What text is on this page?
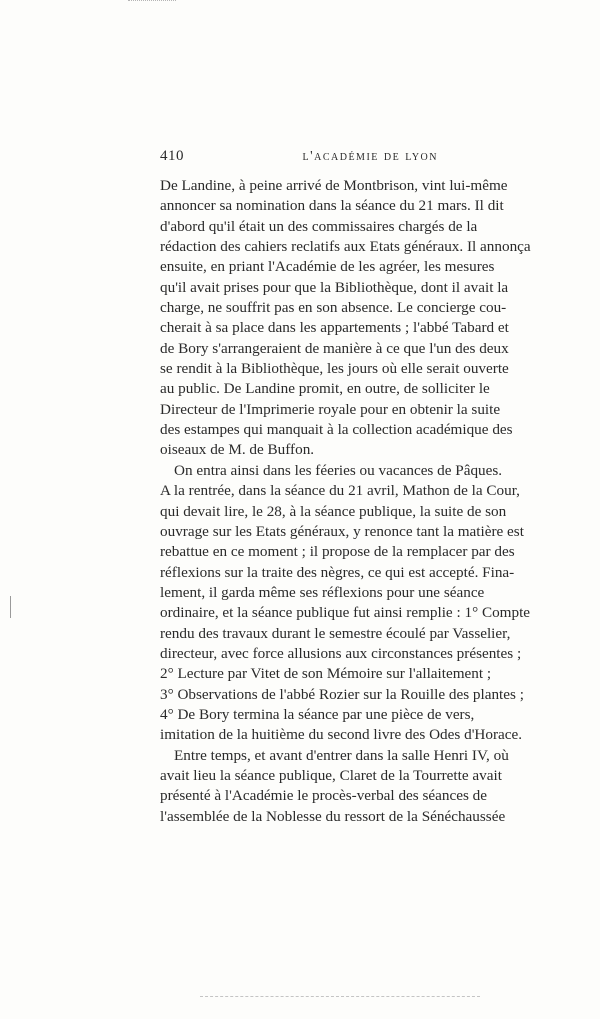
410	l'académie de lyon
De Landine, à peine arrivé de Montbrison, vint lui-même
annoncer sa nomination dans la séance du 21 mars. Il dit
d'abord qu'il était un des commissaires chargés de la
rédaction des cahiers reclatifs aux Etats généraux. Il annonça
ensuite, en priant l'Académie de les agréer, les mesures
qu'il avait prises pour que la Bibliothèque, dont il avait la
charge, ne souffrit pas en son absence. Le concierge cou-
cherait à sa place dans les appartements ; l'abbé Tabard et
de Bory s'arrangeraient de manière à ce que l'un des deux
se rendit à la Bibliothèque, les jours où elle serait ouverte
au public. De Landine promit, en outre, de solliciter le
Directeur de l'Imprimerie royale pour en obtenir la suite
des estampes qui manquait à la collection académique des
oiseaux de M. de Buffon.
On entra ainsi dans les féeries ou vacances de Pâques.
A la rentrée, dans la séance du 21 avril, Mathon de la Cour,
qui devait lire, le 28, à la séance publique, la suite de son
ouvrage sur les Etats généraux, y renonce tant la matière est
rebattue en ce moment ; il propose de la remplacer par des
réflexions sur la traite des nègres, ce qui est accepté. Fina-
lement, il garda même ses réflexions pour une séance
ordinaire, et la séance publique fut ainsi remplie : 1° Compte
rendu des travaux durant le semestre écoulé par Vasselier,
directeur, avec force allusions aux circonstances présentes ;
2° Lecture par Vitet de son Mémoire sur l'allaitement ;
3° Observations de l'abbé Rozier sur la Rouille des plantes ;
4° De Bory termina la séance par une pièce de vers,
imitation de la huitième du second livre des Odes d'Horace.
Entre temps, et avant d'entrer dans la salle Henri IV, où
avait lieu la séance publique, Claret de la Tourrette avait
présenté à l'Académie le procès-verbal des séances de
l'assemblée de la Noblesse du ressort de la Sénéchaussée
